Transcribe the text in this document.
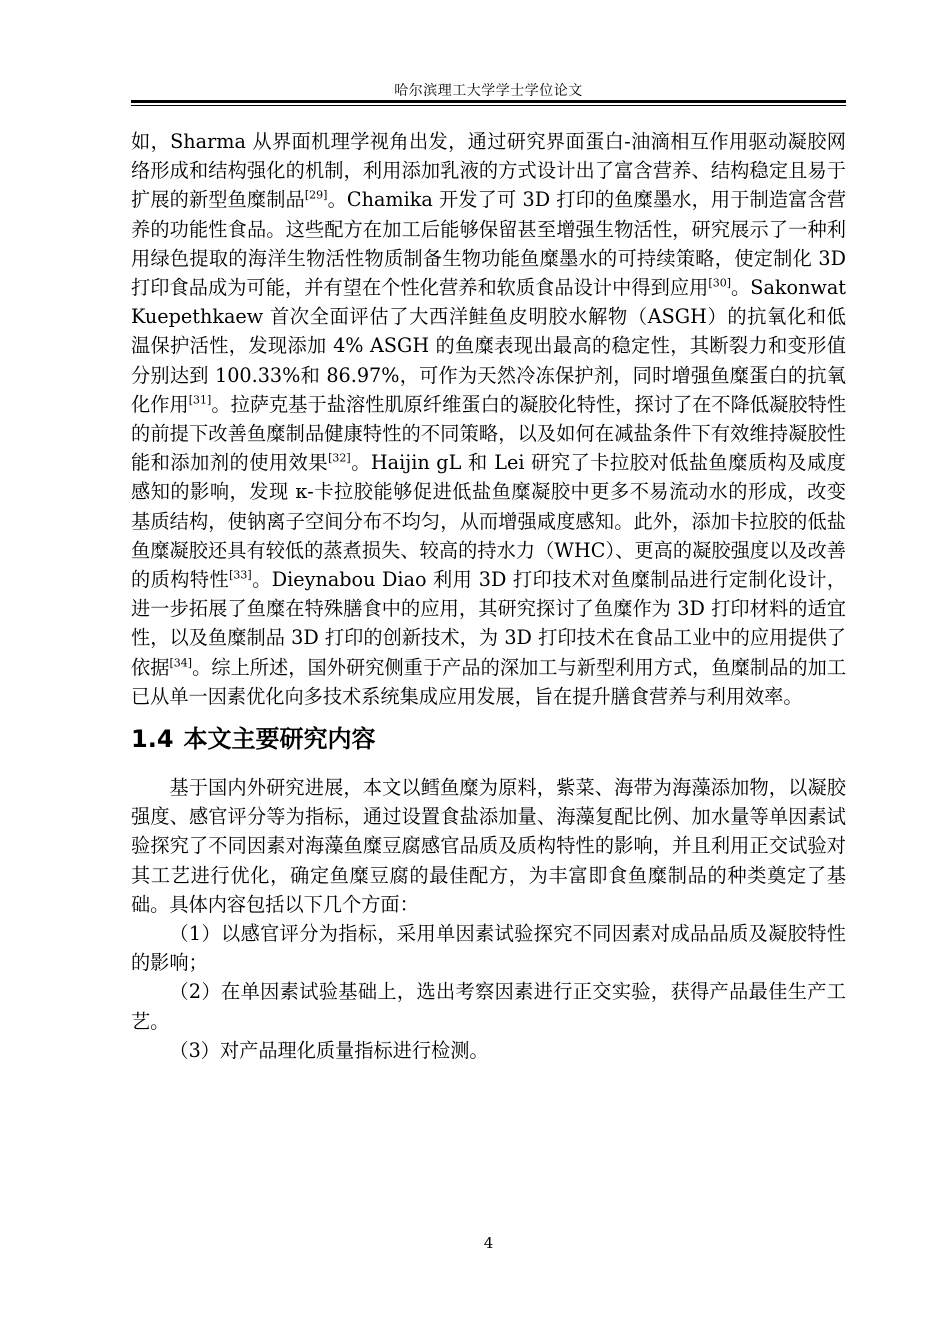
哈尔滨理工大学学士学位论文

如，Sharma 从界面机理学视角出发，通过研究界面蛋白-油滴相互作用驱动凝胶网络形成和结构强化的机制，利用添加乳液的方式设计出了富含营养、结构稳定且易于扩展的新型鱼糜制品[29]。Chamika 开发了可 3D 打印的鱼糜墨水，用于制造富含营养的功能性食品。这些配方在加工后能够保留甚至增强生物活性，研究展示了一种利用绿色提取的海洋生物活性物质制备生物功能鱼糜墨水的可持续策略，使定制化 3D 打印食品成为可能，并有望在个性化营养和软质食品设计中得到应用[30]。Sakonwat Kuepethkaew 首次全面评估了大西洋鲑鱼皮明胶水解物（ASGH）的抗氧化和低温保护活性，发现添加 4% ASGH 的鱼糜表现出最高的稳定性，其断裂力和变形值分别达到 100.33%和 86.97%，可作为天然冷冻保护剂，同时增强鱼糜蛋白的抗氧化作用[31]。拉萨克基于盐溶性肌原纤维蛋白的凝胶化特性，探讨了在不降低凝胶特性的前提下改善鱼糜制品健康特性的不同策略，以及如何在减盐条件下有效维持凝胶性能和添加剂的使用效果[32]。Haijin gL 和 Lei 研究了卡拉胶对低盐鱼糜质构及咸度感知的影响，发现 κ-卡拉胶能够促进低盐鱼糜凝胶中更多不易流动水的形成，改变基质结构，使钠离子空间分布不均匀，从而增强咸度感知。此外，添加卡拉胶的低盐鱼糜凝胶还具有较低的蒸煮损失、较高的持水力（WHC）、更高的凝胶强度以及改善的质构特性[33]。Dieynabou Diao 利用 3D 打印技术对鱼糜制品进行定制化设计，进一步拓展了鱼糜在特殊膳食中的应用，其研究探讨了鱼糜作为 3D 打印材料的适宜性，以及鱼糜制品 3D 打印的创新技术，为 3D 打印技术在食品工业中的应用提供了依据[34]。综上所述，国外研究侧重于产品的深加工与新型利用方式，鱼糜制品的加工已从单一因素优化向多技术系统集成应用发展，旨在提升膳食营养与利用效率。

1.4 本文主要研究内容

基于国内外研究进展，本文以鳕鱼糜为原料，紫菜、海带为海藻添加物，以凝胶强度、感官评分等为指标，通过设置食盐添加量、海藻复配比例、加水量等单因素试验探究了不同因素对海藻鱼糜豆腐感官品质及质构特性的影响，并且利用正交试验对其工艺进行优化，确定鱼糜豆腐的最佳配方，为丰富即食鱼糜制品的种类奠定了基础。具体内容包括以下几个方面：

（1）以感官评分为指标，采用单因素试验探究不同因素对成品品质及凝胶特性的影响；

（2）在单因素试验基础上，选出考察因素进行正交实验，获得产品最佳生产工艺。

（3）对产品理化质量指标进行检测。

4
